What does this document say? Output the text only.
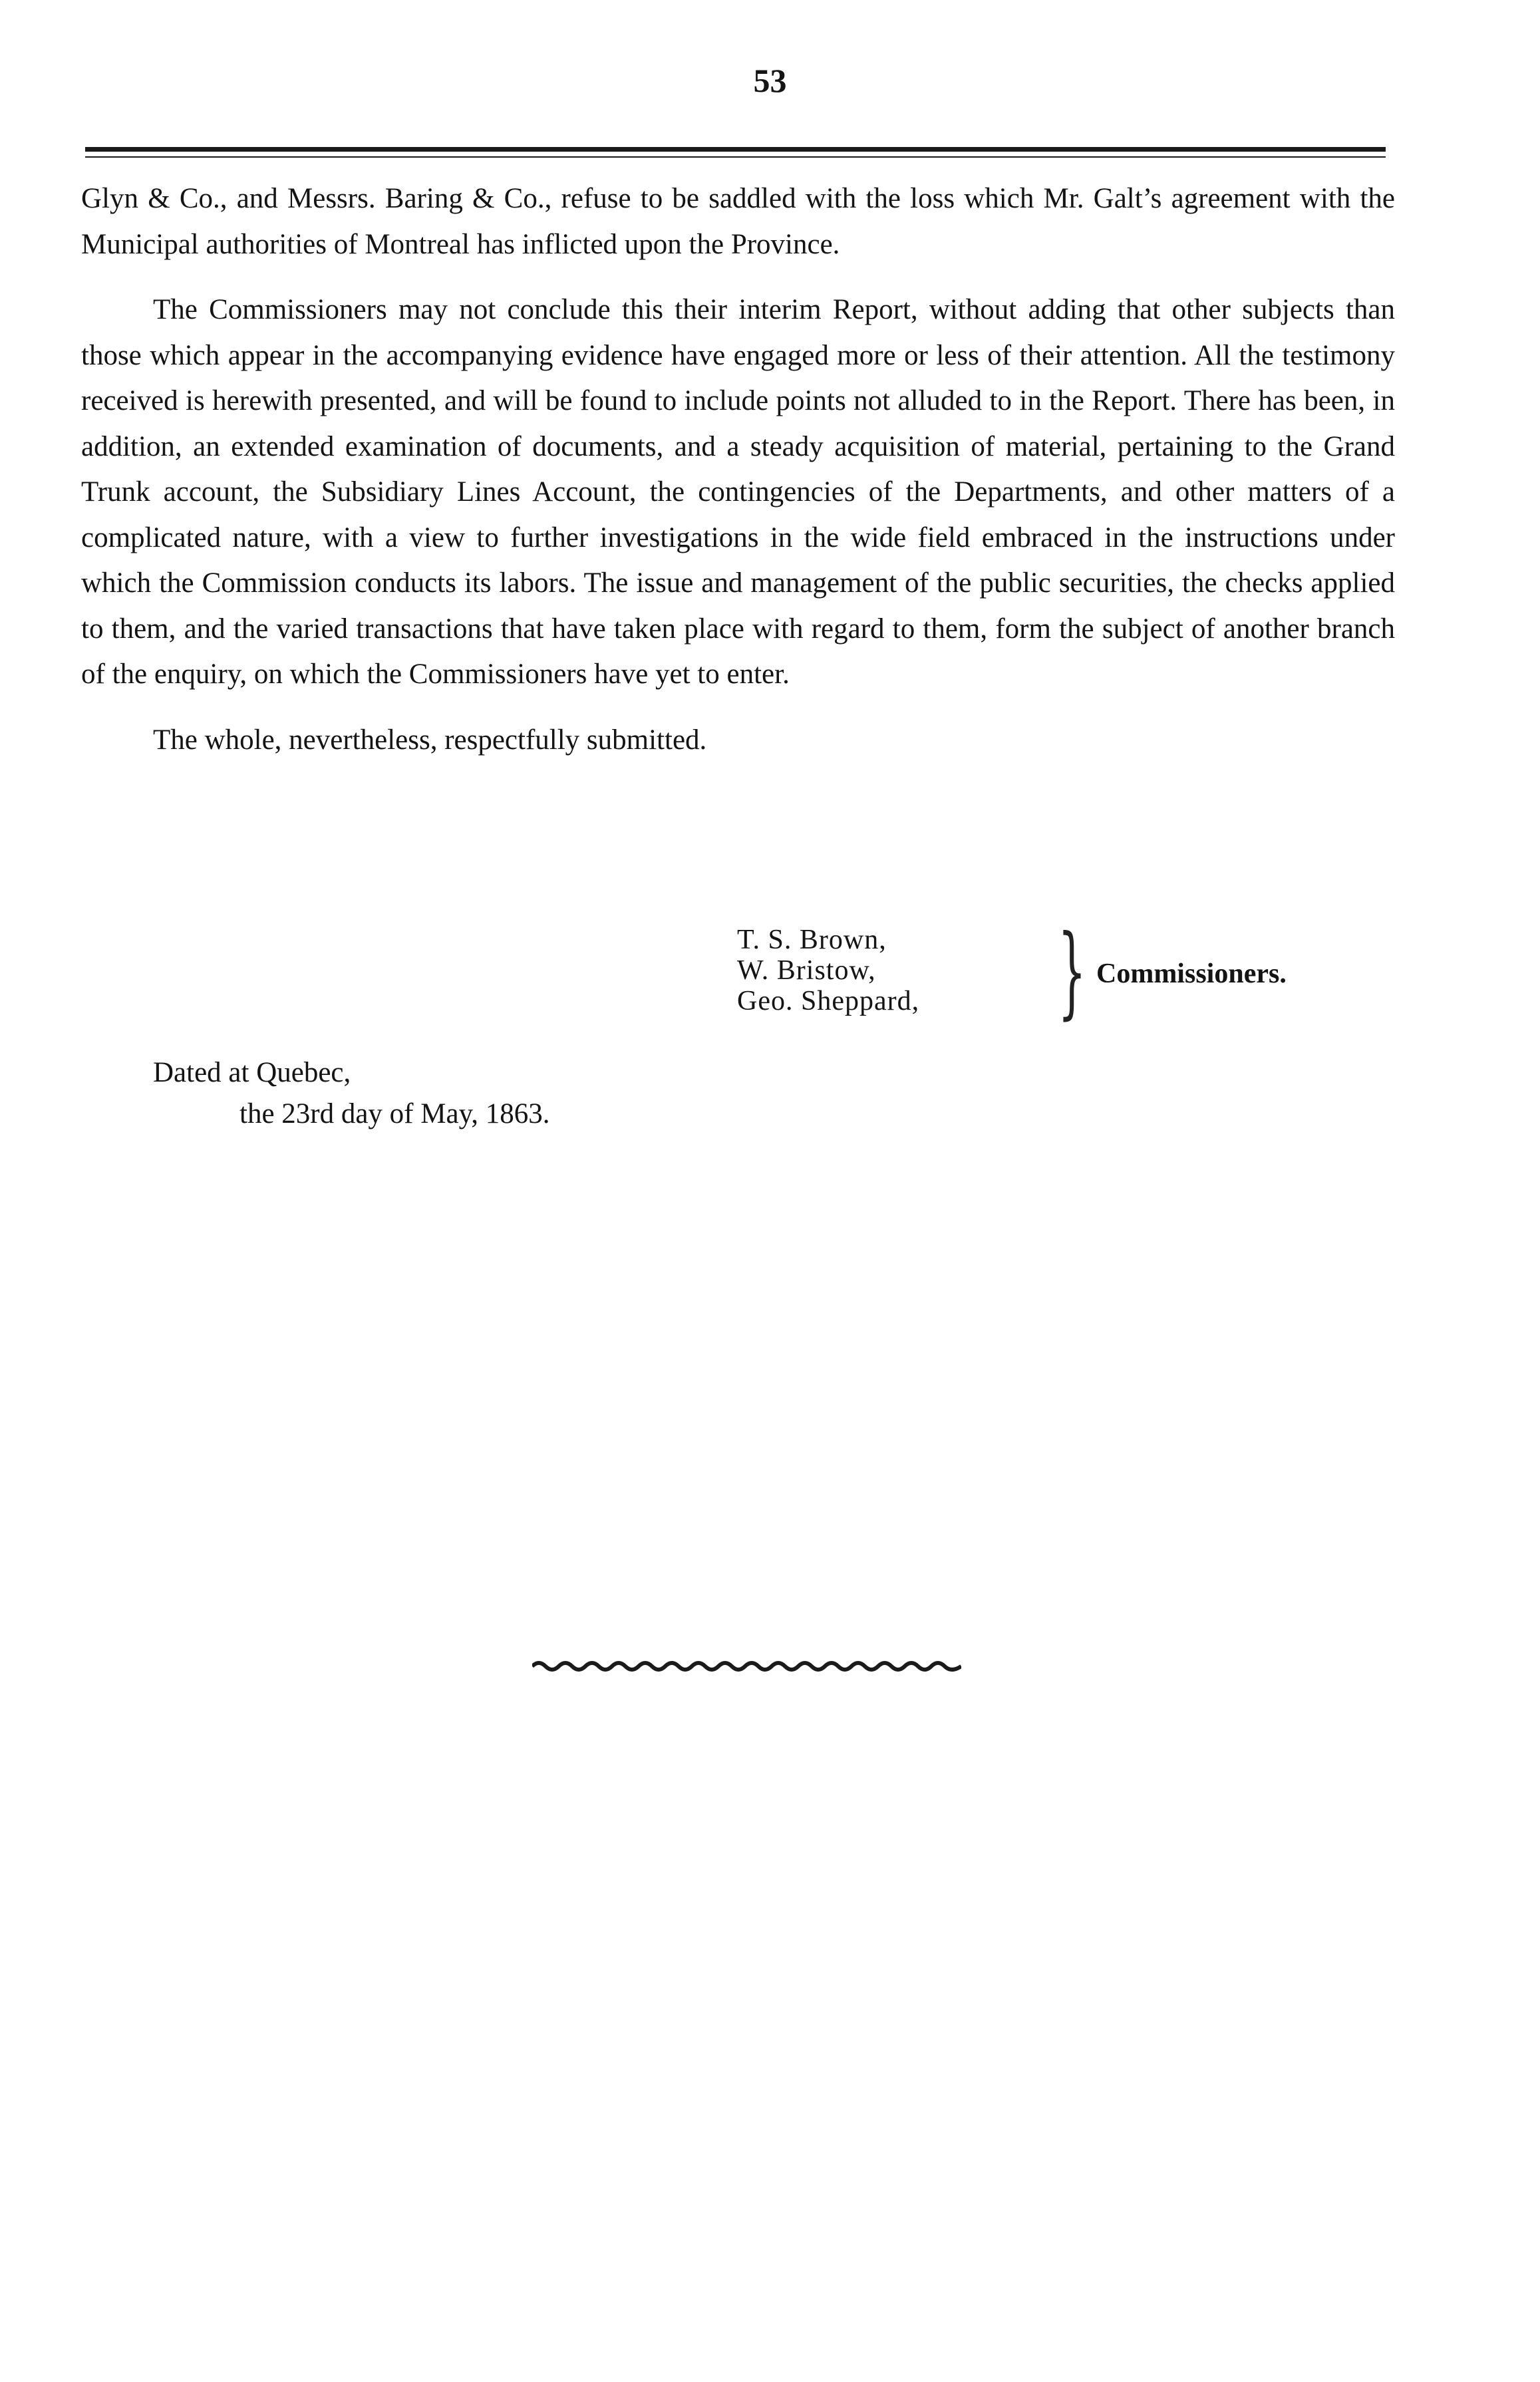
53

Glyn & Co., and Messrs. Baring & Co., refuse to be saddled with the loss which Mr. Galt’s agreement with the Municipal authorities of Montreal has inflicted upon the Province.

The Commissioners may not conclude this their interim Report, without adding that other subjects than those which appear in the accompanying evidence have engaged more or less of their attention. All the testimony received is herewith presented, and will be found to include points not alluded to in the Report. There has been, in addition, an extended examination of documents, and a steady acquisition of material, pertaining to the Grand Trunk account, the Subsidiary Lines Account, the contingencies of the Departments, and other matters of a complicated nature, with a view to further investigations in the wide field embraced in the instructions under which the Commission conducts its labors. The issue and management of the public securities, the checks applied to them, and the varied transactions that have taken place with regard to them, form the subject of another branch of the enquiry, on which the Commissioners have yet to enter.

The whole, nevertheless, respectfully submitted.

T. S. Brown,
W. Bristow,
Geo. Sheppard, } Commissioners.
Dated at Quebec,
the 23rd day of May, 1863.
